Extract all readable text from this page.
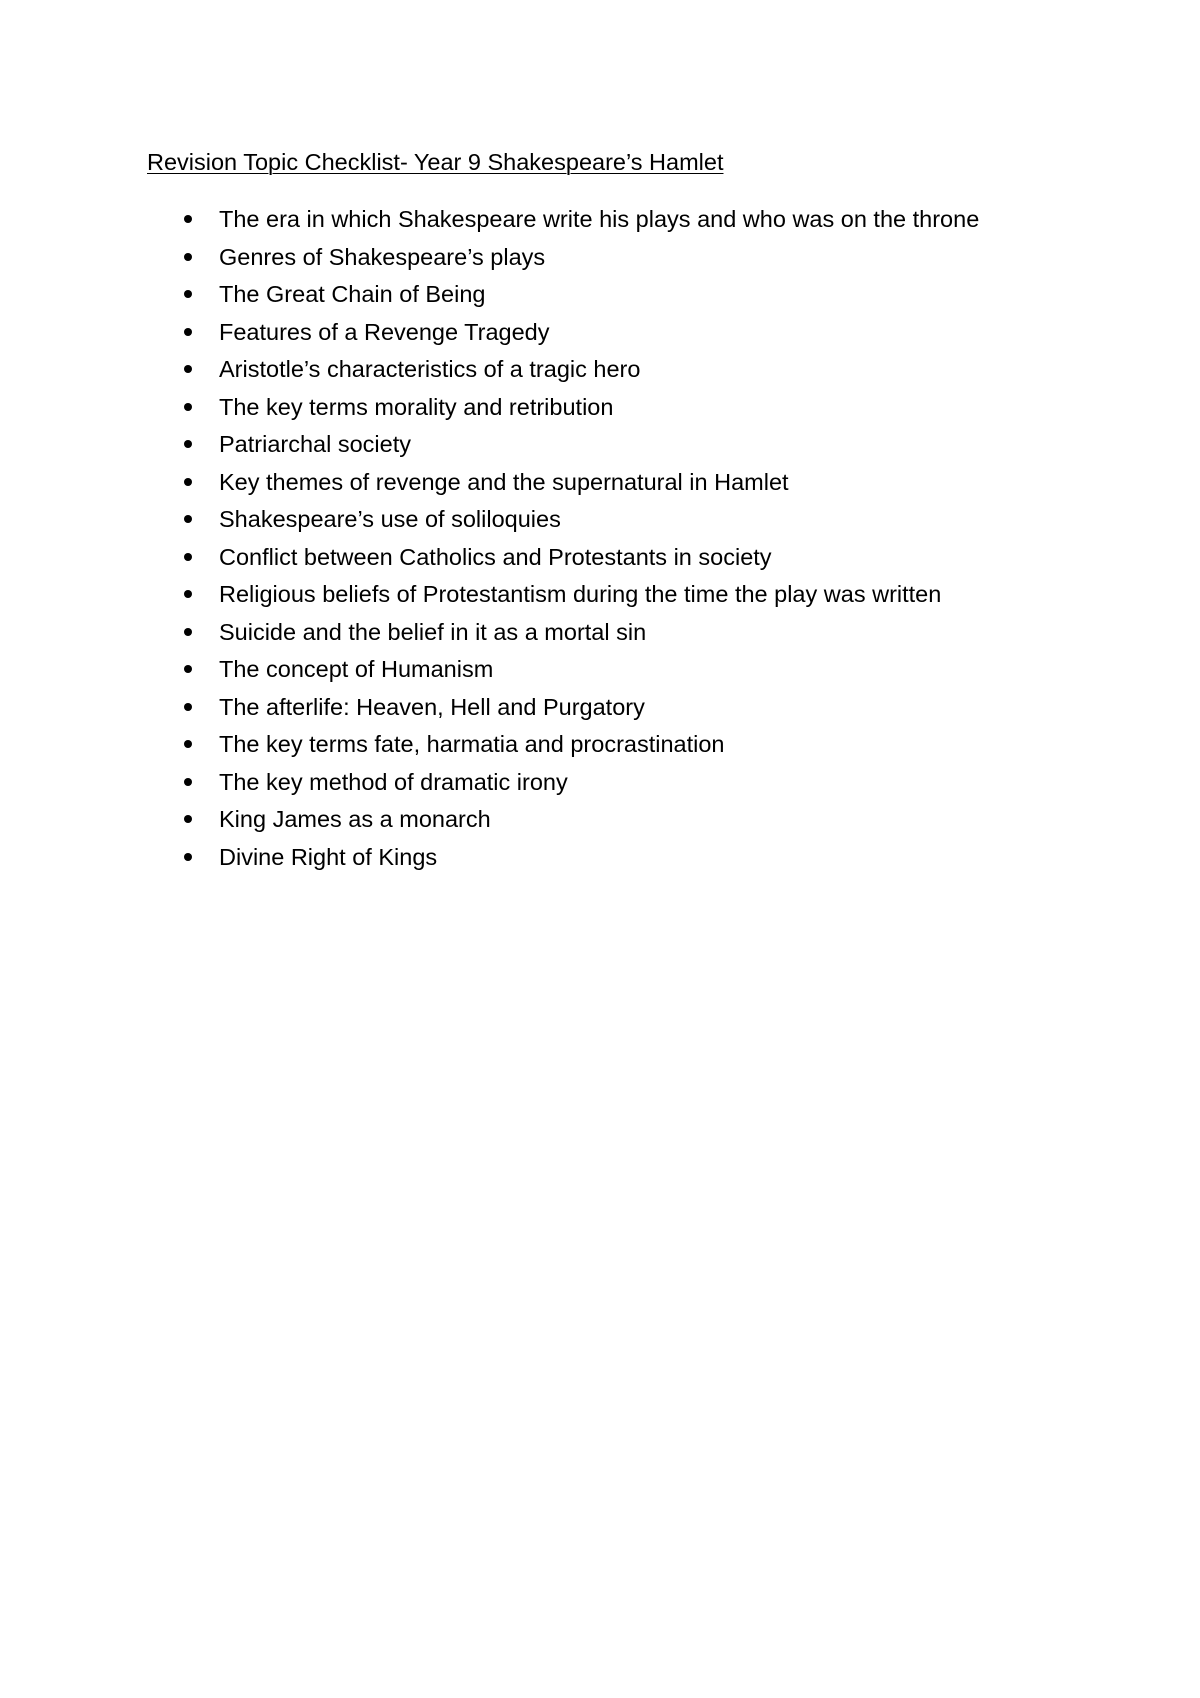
Revision Topic Checklist- Year 9 Shakespeare’s Hamlet
The era in which Shakespeare write his plays and who was on the throne
Genres of Shakespeare’s plays
The Great Chain of Being
Features of a Revenge Tragedy
Aristotle’s characteristics of a tragic hero
The key terms morality and retribution
Patriarchal society
Key themes of revenge and the supernatural in Hamlet
Shakespeare’s use of soliloquies
Conflict between Catholics and Protestants in society
Religious beliefs of Protestantism during the time the play was written
Suicide and the belief in it as a mortal sin
The concept of Humanism
The afterlife: Heaven, Hell and Purgatory
The key terms fate, harmatia and procrastination
The key method of dramatic irony
King James as a monarch
Divine Right of Kings
